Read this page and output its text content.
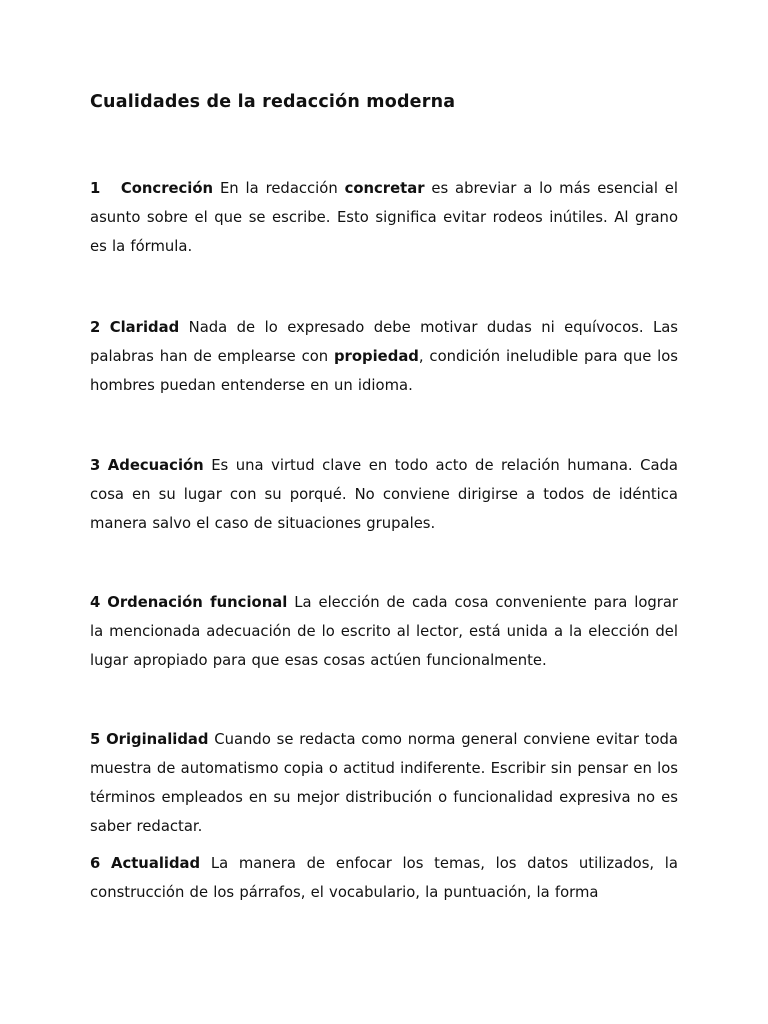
Cualidades de la redacción moderna

1 Concreción En la redacción concretar es abreviar a lo más esencial el asunto sobre el que se escribe. Esto significa evitar rodeos inútiles. Al grano es la fórmula.

2 Claridad Nada de lo expresado debe motivar dudas ni equívocos. Las palabras han de emplearse con propiedad, condición ineludible para que los hombres puedan entenderse en un idioma.

3 Adecuación Es una virtud clave en todo acto de relación humana. Cada cosa en su lugar con su porqué. No conviene dirigirse a todos de idéntica manera salvo el caso de situaciones grupales.

4 Ordenación funcional La elección de cada cosa conveniente para lograr la mencionada adecuación de lo escrito al lector, está unida a la elección del lugar apropiado para que esas cosas actúen funcionalmente.

5 Originalidad Cuando se redacta como norma general conviene evitar toda muestra de automatismo copia o actitud indiferente. Escribir sin pensar en los términos empleados en su mejor distribución o funcionalidad expresiva no es saber redactar.

6 Actualidad La manera de enfocar los temas, los datos utilizados, la construcción de los párrafos, el vocabulario, la puntuación, la forma
